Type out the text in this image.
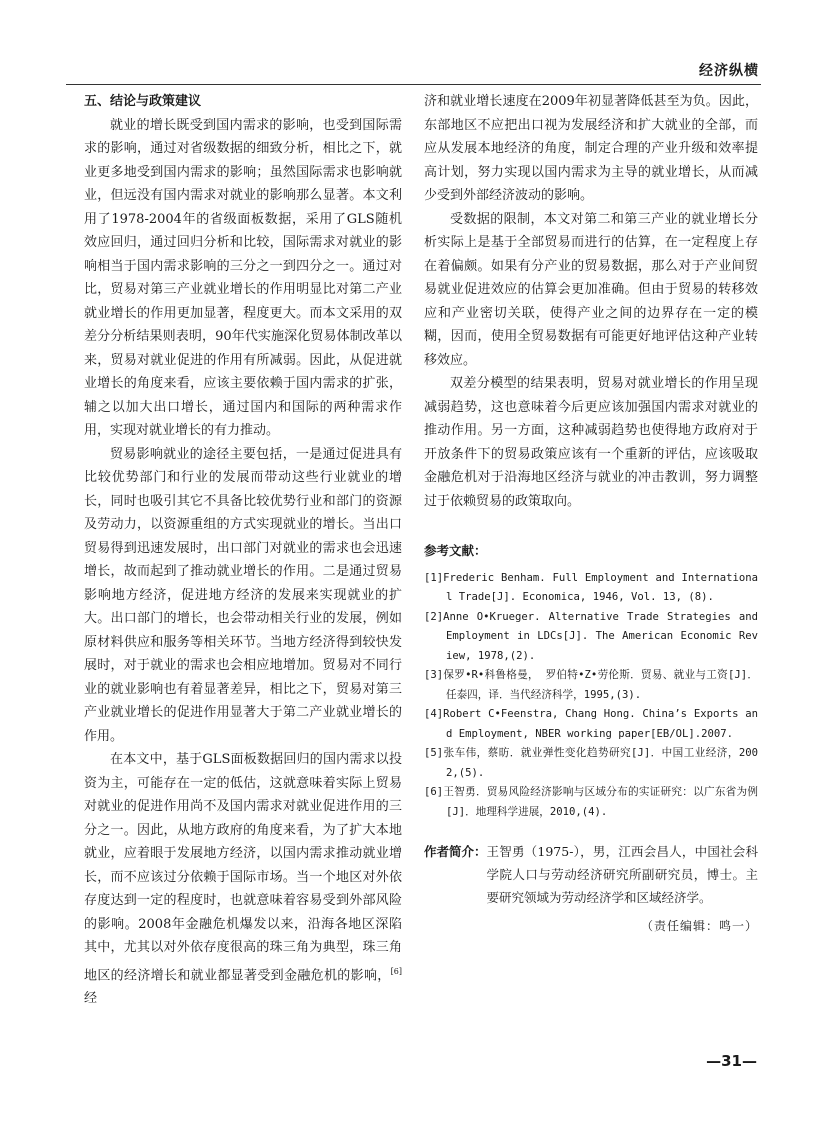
经济纵横

五、结论与政策建议

就业的增长既受到国内需求的影响，也受到国际需求的影响，通过对省级数据的细致分析，相比之下，就业更多地受到国内需求的影响；虽然国际需求也影响就业，但远没有国内需求对就业的影响那么显著。本文利用了1978-2004年的省级面板数据，采用了GLS随机效应回归，通过回归分析和比较，国际需求对就业的影响相当于国内需求影响的三分之一到四分之一。通过对比，贸易对第三产业就业增长的作用明显比对第二产业就业增长的作用更加显著，程度更大。而本文采用的双差分分析结果则表明，90年代实施深化贸易体制改革以来，贸易对就业促进的作用有所减弱。因此，从促进就业增长的角度来看，应该主要依赖于国内需求的扩张，辅之以加大出口增长，通过国内和国际的两种需求作用，实现对就业增长的有力推动。

贸易影响就业的途径主要包括，一是通过促进具有比较优势部门和行业的发展而带动这些行业就业的增长，同时也吸引其它不具备比较优势行业和部门的资源及劳动力，以资源重组的方式实现就业的增长。当出口贸易得到迅速发展时，出口部门对就业的需求也会迅速增长，故而起到了推动就业增长的作用。二是通过贸易影响地方经济，促进地方经济的发展来实现就业的扩大。出口部门的增长，也会带动相关行业的发展，例如原材料供应和服务等相关环节。当地方经济得到较快发展时，对于就业的需求也会相应地增加。贸易对不同行业的就业影响也有着显著差异，相比之下，贸易对第三产业就业增长的促进作用显著大于第二产业就业增长的作用。

在本文中，基于GLS面板数据回归的国内需求以投资为主，可能存在一定的低估，这就意味着实际上贸易对就业的促进作用尚不及国内需求对就业促进作用的三分之一。因此，从地方政府的角度来看，为了扩大本地就业，应着眼于发展地方经济，以国内需求推动就业增长，而不应该过分依赖于国际市场。当一个地区对外依存度达到一定的程度时，也就意味着容易受到外部风险的影响。2008年金融危机爆发以来，沿海各地区深陷其中，尤其以对外依存度很高的珠三角为典型，珠三角地区的经济增长和就业都显著受到金融危机的影响，[6]经

济和就业增长速度在2009年初显著降低甚至为负。因此，东部地区不应把出口视为发展经济和扩大就业的全部，而应从发展本地经济的角度，制定合理的产业升级和效率提高计划，努力实现以国内需求为主导的就业增长，从而减少受到外部经济波动的影响。

受数据的限制，本文对第二和第三产业的就业增长分析实际上是基于全部贸易而进行的估算，在一定程度上存在着偏颇。如果有分产业的贸易数据，那么对于产业间贸易就业促进效应的估算会更加准确。但由于贸易的转移效应和产业密切关联，使得产业之间的边界存在一定的模糊，因而，使用全贸易数据有可能更好地评估这种产业转移效应。

双差分模型的结果表明，贸易对就业增长的作用呈现减弱趋势，这也意味着今后更应该加强国内需求对就业的推动作用。另一方面，这种减弱趋势也使得地方政府对于开放条件下的贸易政策应该有一个重新的评估，应该吸取金融危机对于沿海地区经济与就业的冲击教训，努力调整过于依赖贸易的政策取向。

参考文献：
[1]Frederic Benham. Full Employment and International Trade[J]. Economica, 1946, Vol. 13, (8).
[2]Anne O•Krueger. Alternative Trade Strategies and Employment in LDCs[J]. The American Economic Review, 1978,(2).
[3]保罗•R•科鲁格曼， 罗伯特•Z•劳伦斯．贸易、就业与工资[J]．任泰四，译．当代经济科学，1995,(3).
[4]Robert C•Feenstra, Chang Hong. China’s Exports and Employment, NBER working paper[EB/OL].2007.
[5]张车伟，蔡昉．就业弹性变化趋势研究[J]．中国工业经济，2002,(5).
[6]王智勇．贸易风险经济影响与区域分布的实证研究：以广东省为例[J]．地理科学进展，2010,(4).
作者简介： 王智勇（1975-），男，江西会昌人，中国社会科学院人口与劳动经济研究所副研究员，博士。主要研究领域为劳动经济学和区域经济学。
（责任编辑：鸣一）
—31—
